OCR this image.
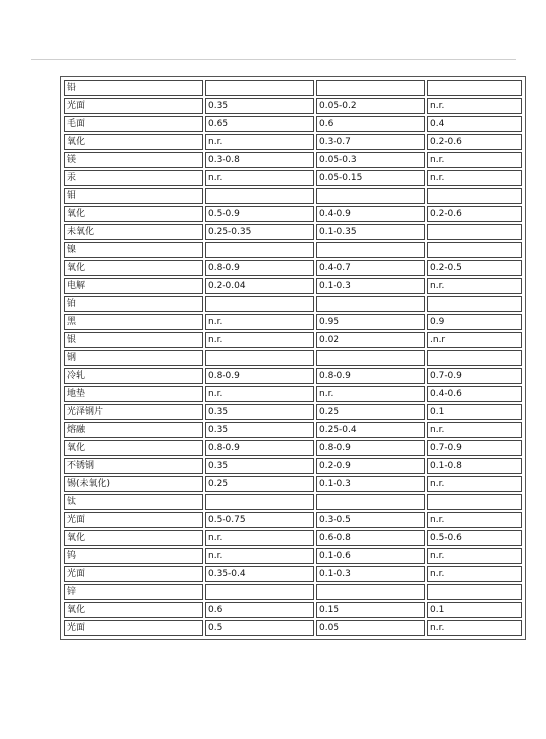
铅			
光面	0.35	0.05-0.2	n.r.
毛面	0.65	0.6	0.4
氧化	n.r.	0.3-0.7	0.2-0.6
镁	0.3-0.8	0.05-0.3	n.r.
汞	n.r.	0.05-0.15	n.r.
钼			
氧化	0.5-0.9	0.4-0.9	0.2-0.6
未氧化	0.25-0.35	0.1-0.35	
镍			
氧化	0.8-0.9	0.4-0.7	0.2-0.5
电解	0.2-0.04	0.1-0.3	n.r.
铂			
黑	n.r.	0.95	0.9
银	n.r.	0.02	.n.r
钢			
冷轧	0.8-0.9	0.8-0.9	0.7-0.9
地垫	n.r.	n.r.	0.4-0.6
光泽钢片	0.35	0.25	0.1
熔融	0.35	0.25-0.4	n.r.
氧化	0.8-0.9	0.8-0.9	0.7-0.9
不锈钢	0.35	0.2-0.9	0.1-0.8
锡(未氧化)	0.25	0.1-0.3	n.r.
钛			
光面	0.5-0.75	0.3-0.5	n.r.
氧化	n.r.	0.6-0.8	0.5-0.6
钨	n.r.	0.1-0.6	n.r.
光面	0.35-0.4	0.1-0.3	n.r.
锌			
氧化	0.6	0.15	0.1
光面	0.5	0.05	n.r.
